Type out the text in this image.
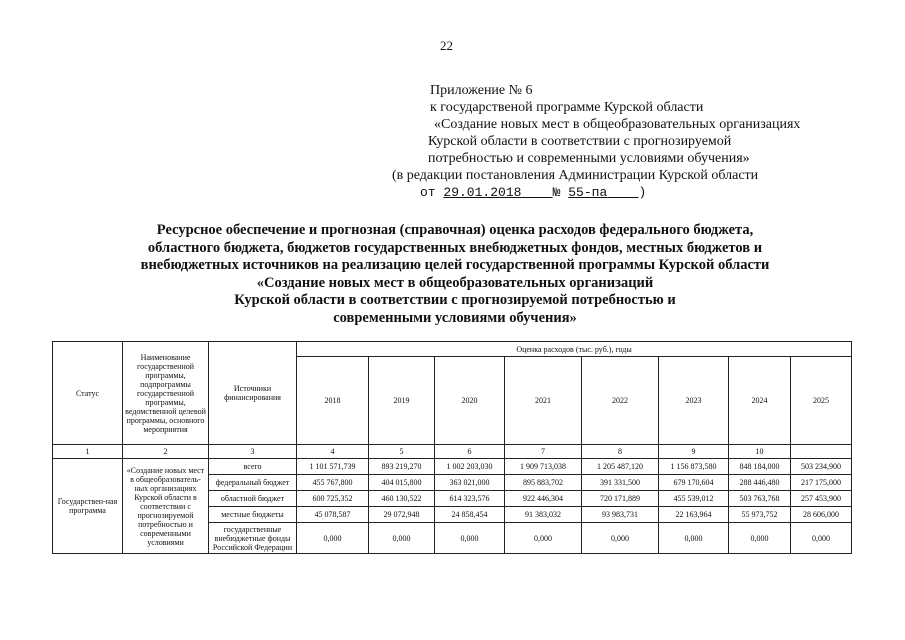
22
Приложение № 6
к государственой программе Курской области
«Создание новых мест в общеобразовательных организациях
Курской области в соответствии с прогнозируемой
потребностью и современными условиями обучения»
(в редакции постановления Администрации Курской области
от 29.01.2018 № 55-па )
Ресурсное обеспечение и прогнозная (справочная) оценка расходов федерального бюджета,
областного бюджета, бюджетов государственных внебюджетных фондов, местных бюджетов и
внебюджетных источников на реализацию целей государственной программы Курской области
«Создание новых мест в общеобразовательных организаций
Курской области в соответствии с прогнозируемой потребностью и
современными условиями обучения»
Статус	Наименование государственной программы, подпрограммы государственной программы, ведомственной целевой программы, основного мероприятия	Источники финансирования	Оценка расходов (тыс. руб.), годы							
			2018	2019	2020	2021	2022	2023	2024	2025
1	2	3	4	5	6	7	8	9	10	
Государствен-ная программа	«Создание новых мест в общеобразователь-ных организациях Курской области в соответствии с прогнозируемой потребностью и современными условиями	всего	1 101 571,739	893 219,270	1 002 203,030	1 909 713,038	1 205 487,120	1 156 873,580	848 184,000	503 234,900
		федеральный бюджет	455 767,800	404 015,800	363 021,000	895 883,702	391 331,500	679 170,604	288 446,480	217 175,000
		областной бюджет	600 725,352	460 130,522	614 323,576	922 446,304	720 171,889	455 539,012	503 763,768	257 453,900
		местные бюджеты	45 078,587	29 072,948	24 858,454	91 383,032	93 983,731	22 163,964	55 973,752	28 606,000
		государственные внебюджетные фонды Российской Федерации	0,000	0,000	0,000	0,000	0,000	0,000	0,000	0,000
